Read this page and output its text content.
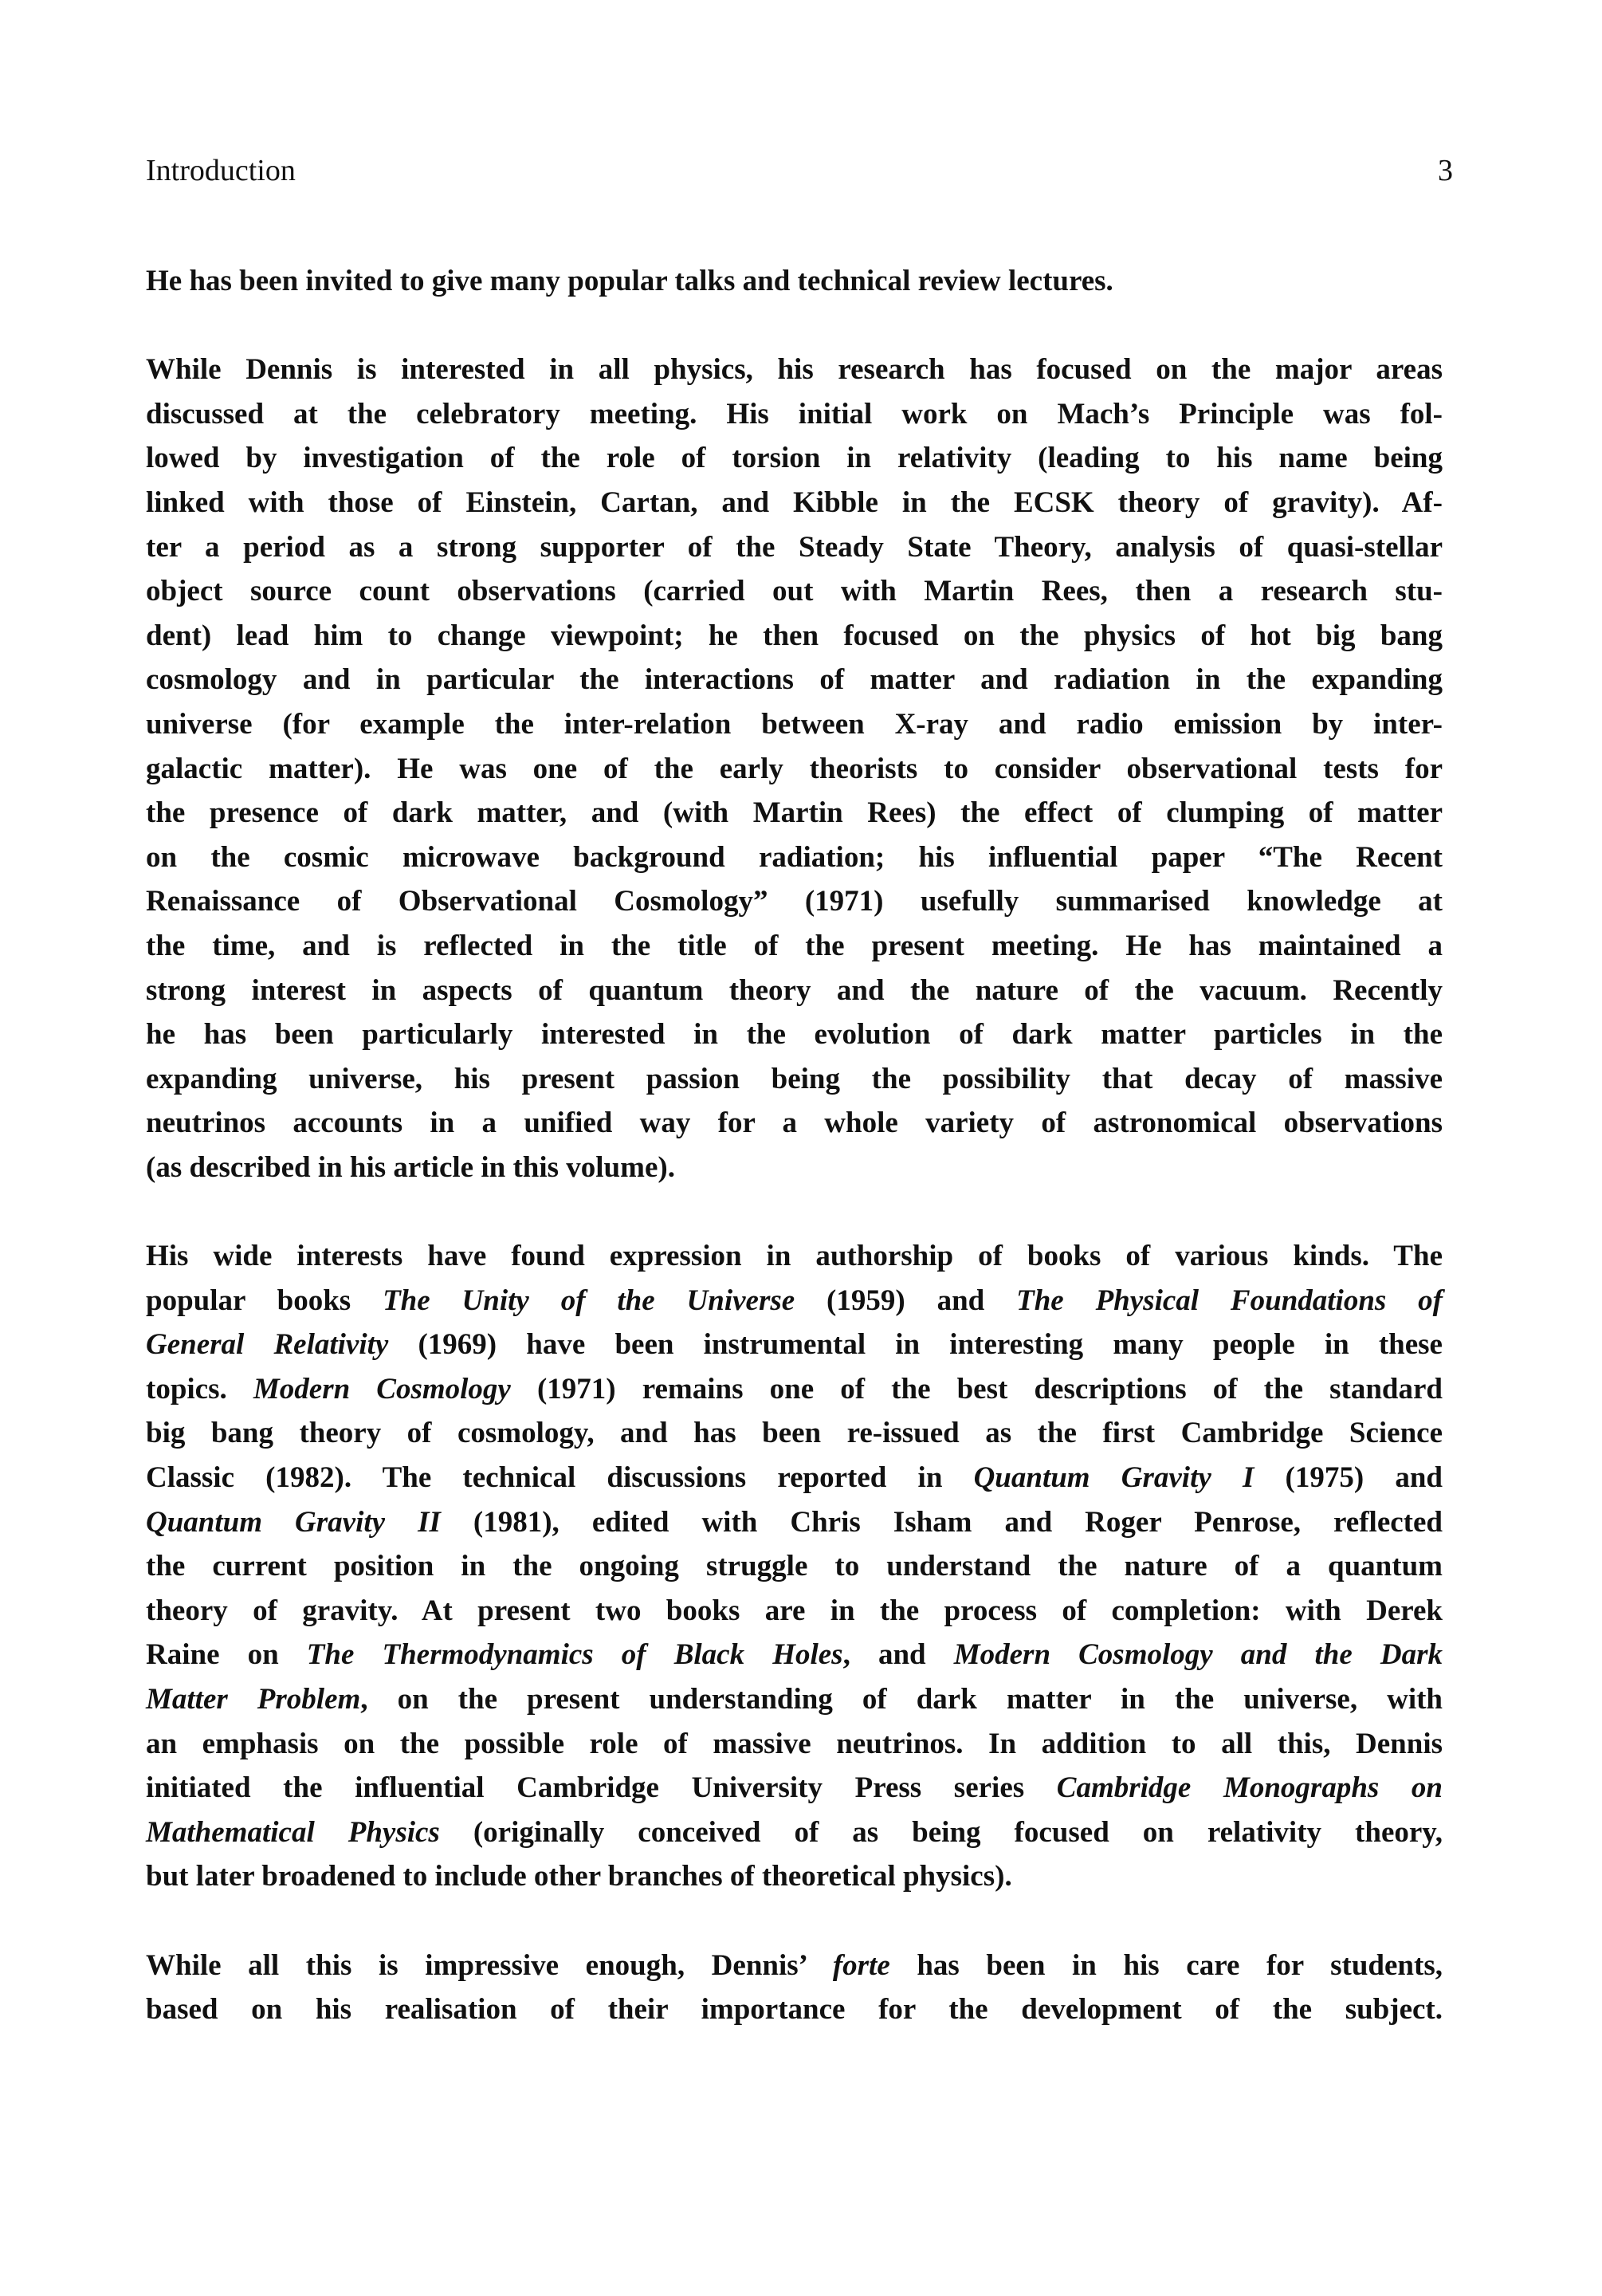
Introduction	3
He has been invited to give many popular talks and technical review lectures.
While Dennis is interested in all physics, his research has focused on the major areas
discussed at the celebratory meeting. His initial work on Mach’s Principle was fol-
lowed by investigation of the role of torsion in relativity (leading to his name being
linked with those of Einstein, Cartan, and Kibble in the ECSK theory of gravity). Af-
ter a period as a strong supporter of the Steady State Theory, analysis of quasi-stellar
object source count observations (carried out with Martin Rees, then a research stu-
dent) lead him to change viewpoint; he then focused on the physics of hot big bang
cosmology and in particular the interactions of matter and radiation in the expanding
universe (for example the inter-relation between X-ray and radio emission by inter-
galactic matter). He was one of the early theorists to consider observational tests for
the presence of dark matter, and (with Martin Rees) the effect of clumping of matter
on the cosmic microwave background radiation; his influential paper “The Recent
Renaissance of Observational Cosmology” (1971) usefully summarised knowledge at
the time, and is reflected in the title of the present meeting. He has maintained a
strong interest in aspects of quantum theory and the nature of the vacuum. Recently
he has been particularly interested in the evolution of dark matter particles in the
expanding universe, his present passion being the possibility that decay of massive
neutrinos accounts in a unified way for a whole variety of astronomical observations
(as described in his article in this volume).
His wide interests have found expression in authorship of books of various kinds. The
popular books The Unity of the Universe (1959) and The Physical Foundations of
General Relativity (1969) have been instrumental in interesting many people in these
topics. Modern Cosmology (1971) remains one of the best descriptions of the standard
big bang theory of cosmology, and has been re-issued as the first Cambridge Science
Classic (1982). The technical discussions reported in Quantum Gravity I (1975) and
Quantum Gravity II (1981), edited with Chris Isham and Roger Penrose, reflected
the current position in the ongoing struggle to understand the nature of a quantum
theory of gravity. At present two books are in the process of completion: with Derek
Raine on The Thermodynamics of Black Holes, and Modern Cosmology and the Dark
Matter Problem, on the present understanding of dark matter in the universe, with
an emphasis on the possible role of massive neutrinos. In addition to all this, Dennis
initiated the influential Cambridge University Press series Cambridge Monographs on
Mathematical Physics (originally conceived of as being focused on relativity theory,
but later broadened to include other branches of theoretical physics).
While all this is impressive enough, Dennis’ forte has been in his care for students,
based on his realisation of their importance for the development of the subject.
